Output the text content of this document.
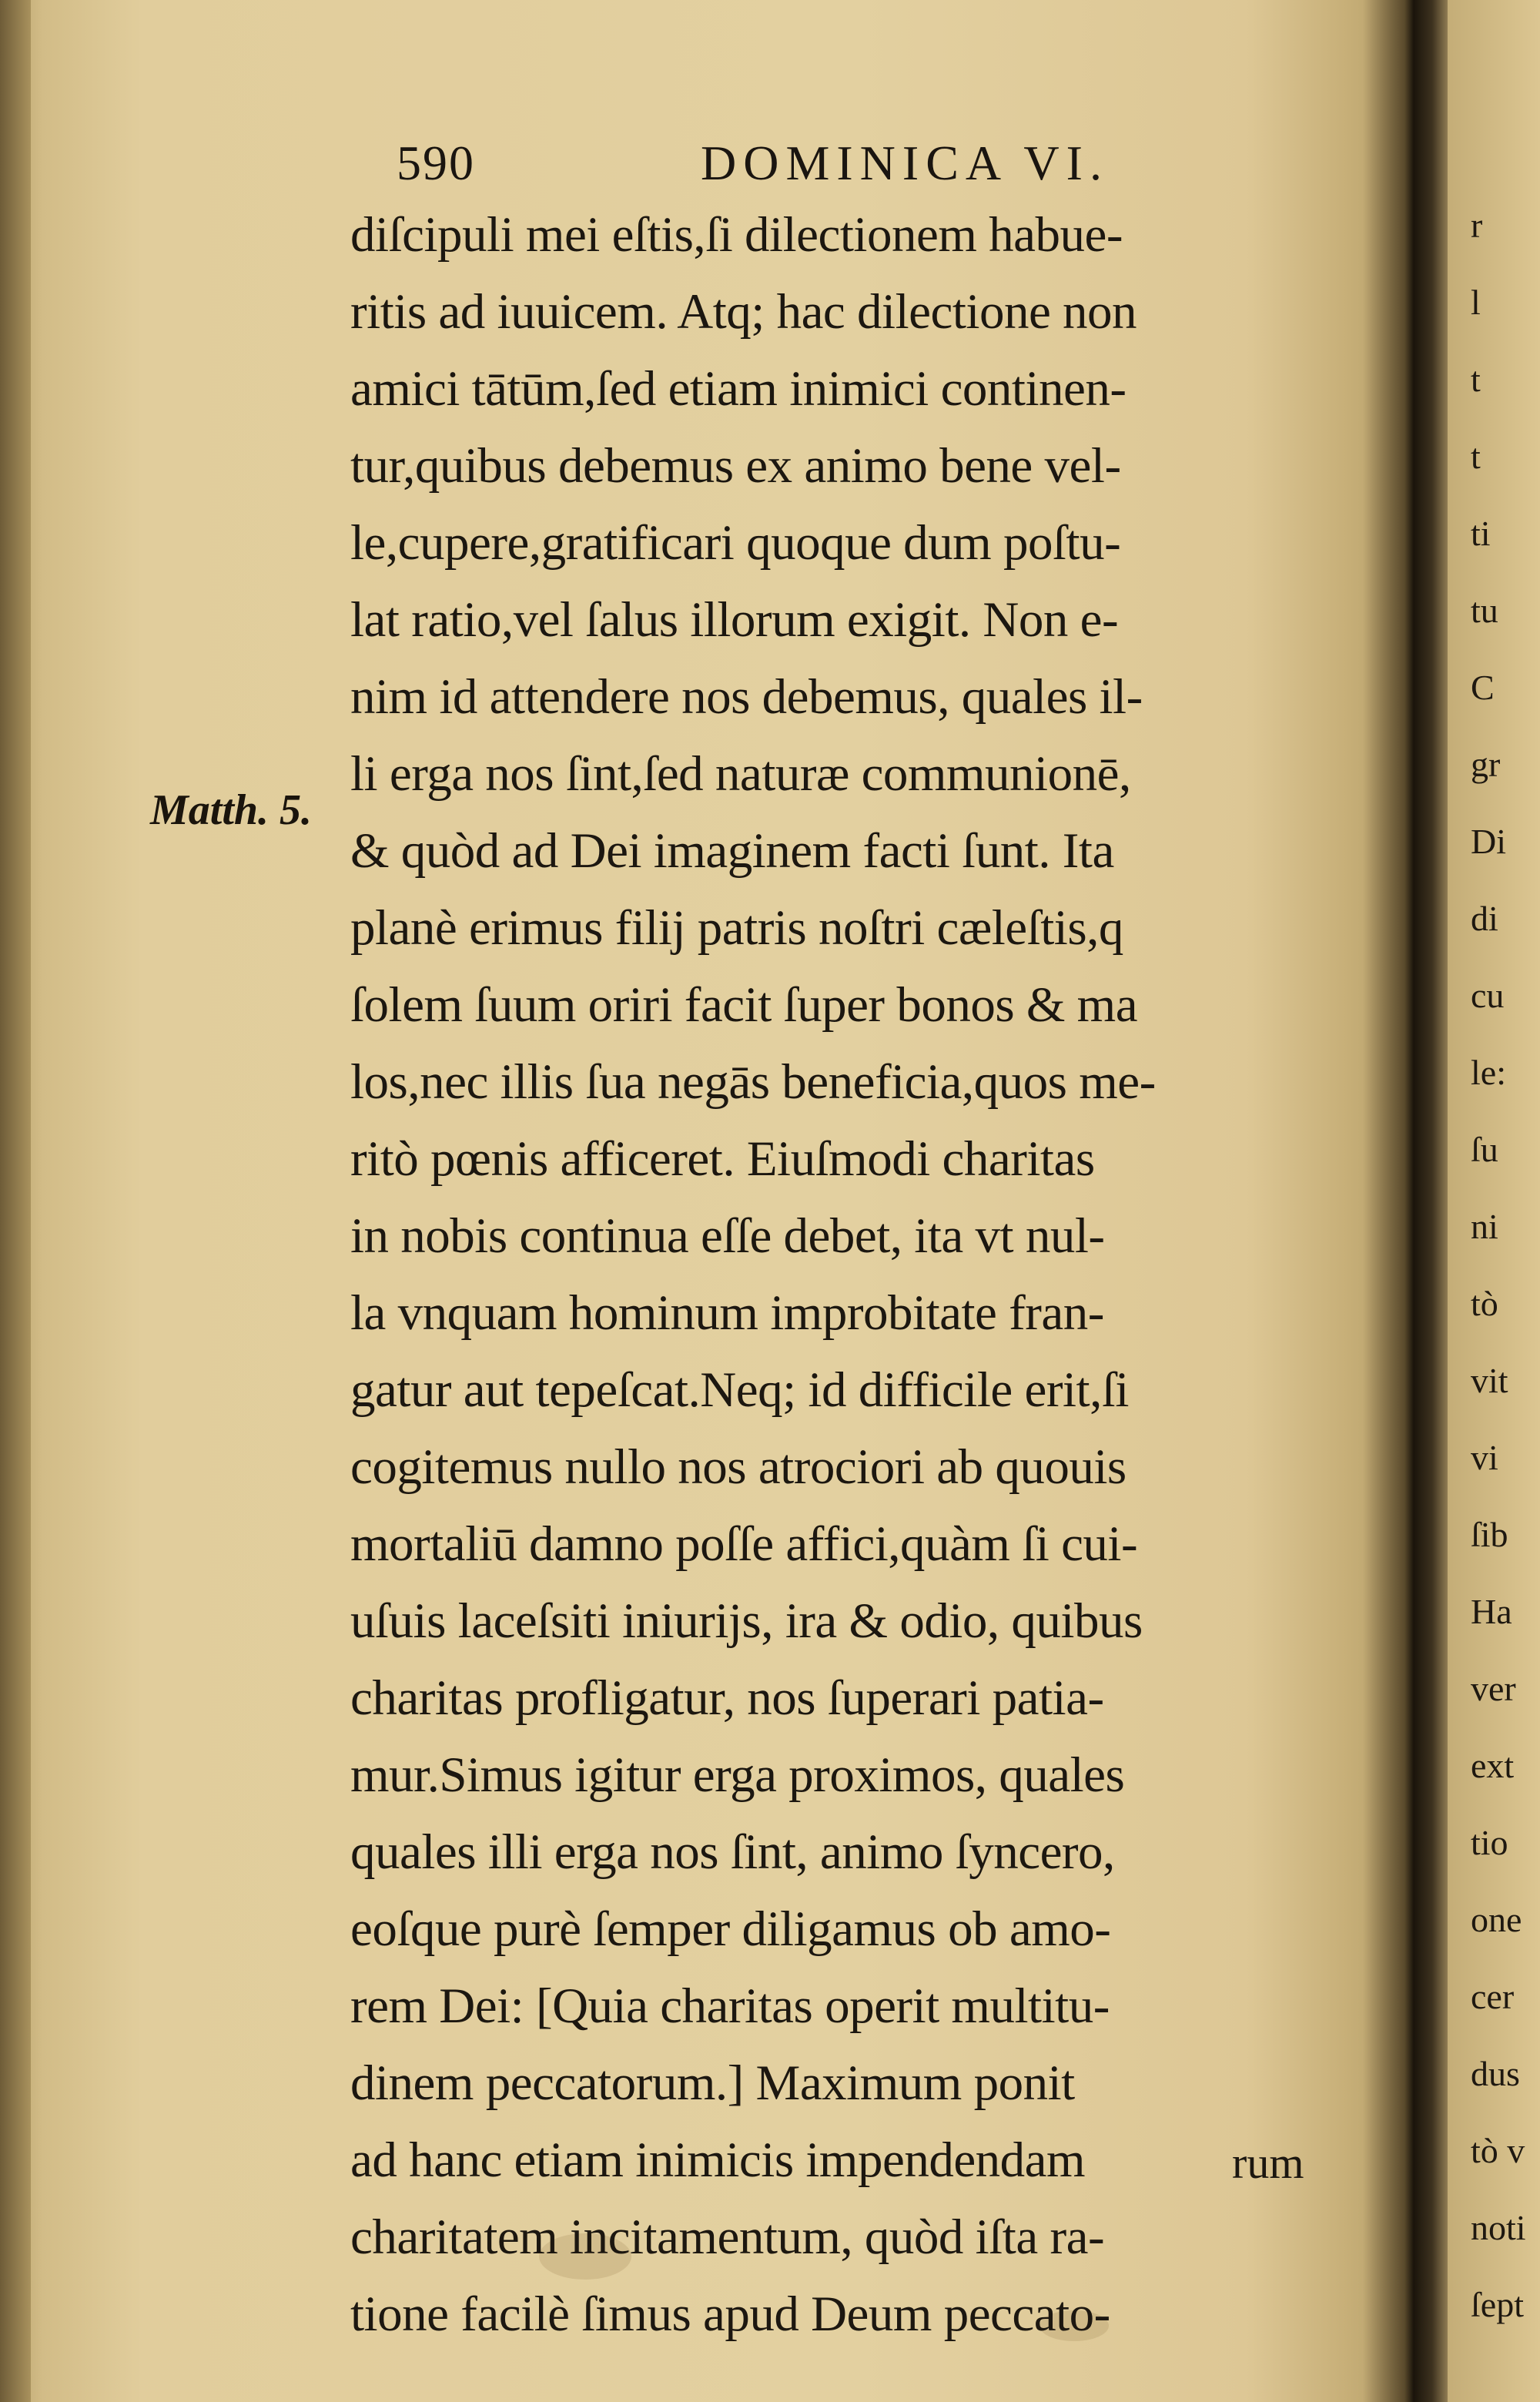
590	DOMINICA VI.
Matth. 5.
diſcipuli mei eſtis,ſi dilectionem habue-
ritis ad iuuicem. Atq; hac dilectione non
amici tātūm,ſed etiam inimici continen-
tur,quibus debemus ex animo bene vel-
le,cupere,gratificari quoque dum poſtu-
lat ratio,vel ſalus illorum exigit. Non e-
nim id attendere nos debemus, quales il-
li erga nos ſint,ſed naturæ communionē,
& quòd ad Dei imaginem facti ſunt. Ita
planè erimus filij patris noſtri cæleſtis,q
ſolem ſuum oriri facit ſuper bonos & ma
los,nec illis ſua negās beneficia,quos me-
ritò pœnis afficeret. Eiuſmodi charitas
in nobis continua eſſe debet, ita vt nul-
la vnquam hominum improbitate fran-
gatur aut tepeſcat.Neq; id difficile erit,ſi
cogitemus nullo nos atrociori ab quouis
mortaliū damno poſſe affici,quàm ſi cui-
uſuis laceſsiti iniurijs, ira & odio, quibus
charitas profligatur, nos ſuperari patia-
mur.Simus igitur erga proximos, quales
quales illi erga nos ſint, animo ſyncero,
eoſque purè ſemper diligamus ob amo-
rem Dei: [Quia charitas operit multitu-
dinem peccatorum.] Maximum ponit
ad hanc etiam inimicis impendendam
charitatem incitamentum, quòd iſta ra-
tione facilè ſimus apud Deum peccato-
rum
r
l
t
t
ti
tu
C
gr
Di
di
cu
le:
ſu
ni
tò
vit
vi
ſib
Ha
ver
ext
tio
one
cer
dus
tò v
noti
ſept
